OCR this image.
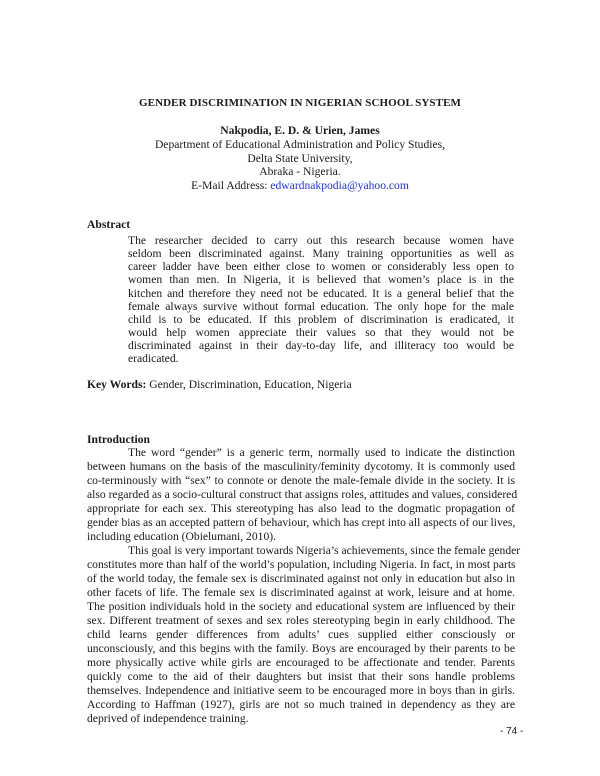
GENDER DISCRIMINATION IN NIGERIAN SCHOOL SYSTEM
Nakpodia, E. D. & Urien, James
Department of Educational Administration and Policy Studies,
Delta State University,
Abraka - Nigeria.
E-Mail Address: edwardnakpodia@yahoo.com
Abstract
The researcher decided to carry out this research because women have
seldom been discriminated against. Many training opportunities as well as
career ladder have been either close to women or considerably less open to
women than men. In Nigeria, it is believed that women’s place is in the
kitchen and therefore they need not be educated. It is a general belief that the
female always survive without formal education. The only hope for the male
child is to be educated. If this problem of discrimination is eradicated, it
would help women appreciate their values so that they would not be
discriminated against in their day-to-day life, and illiteracy too would be
eradicated.
Key Words: Gender, Discrimination, Education, Nigeria
Introduction
The word “gender” is a generic term, normally used to indicate the distinction
between humans on the basis of the masculinity/feminity dycotomy. It is commonly used
co-terminously with “sex” to connote or denote the male-female divide in the society. It is
also regarded as a socio-cultural construct that assigns roles, attitudes and values, considered
appropriate for each sex. This stereotyping has also lead to the dogmatic propagation of
gender bias as an accepted pattern of behaviour, which has crept into all aspects of our lives,
including education (Obielumani, 2010).
This goal is very important towards Nigeria’s achievements, since the female gender
constitutes more than half of the world’s population, including Nigeria. In fact, in most parts
of the world today, the female sex is discriminated against not only in education but also in
other facets of life. The female sex is discriminated against at work, leisure and at home.
The position individuals hold in the society and educational system are influenced by their
sex. Different treatment of sexes and sex roles stereotyping begin in early childhood. The
child learns gender differences from adults’ cues supplied either consciously or
unconsciously, and this begins with the family. Boys are encouraged by their parents to be
more physically active while girls are encouraged to be affectionate and tender. Parents
quickly come to the aid of their daughters but insist that their sons handle problems
themselves. Independence and initiative seem to be encouraged more in boys than in girls.
According to Haffman (1927), girls are not so much trained in dependency as they are
deprived of independence training.
- 74 -
